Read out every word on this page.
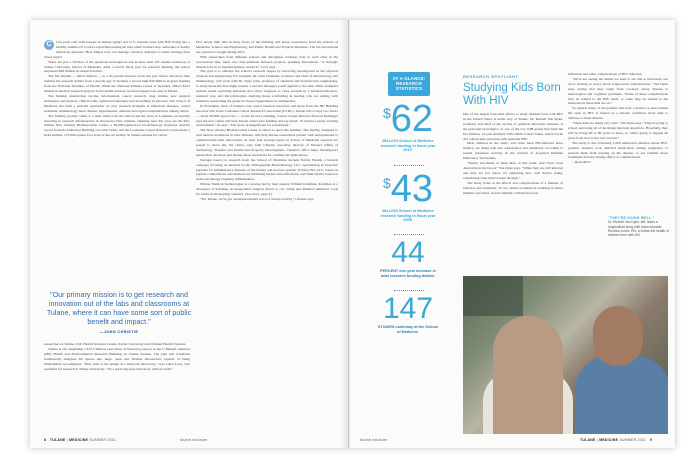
C	Can yeast cells hold lessons in human aging? Are U.S. veterans born with HIV living into a healthy adulthood? Could a rapid field-testing kit help relief workers stop outbreaks of deadly infectious diseases? How Makar Cars can manage convince diabetics to better manage their blood sugar?

These are just a fraction of the questions investigators ask in more than 147 studies underway at Tulane University School of Medicine. After a record fiscal year for research funding, the school surpassed $68 million in research dollars.

The fall amount — $62.5 million — is a 45 percent increase from the year before and more than doubles the research dollars from a decade ago. It includes a record high $40 million in grant funding from the National Institutes of Health. When the National Primate Center is included, almost $101 million in medical research projects in the health sciences received support last year at Tulane.

The funding underwrites vaccine development, cancer research, drug studies, new surgical techniques and devices, clinical trials, behavioral therapies and everything in between. The School of Medicine has built a national reputation on core research strengths in infectious diseases, cancer treatment, immunology, heart disease, hypertension, diabetes and organ transplantation, among others.

The funding growth comes at a time when both the school and the state of Louisiana are heavily investing in research infrastructure in downtown New Orleans. Opening later this year are the $45-million New Orleans BioInnovation Center, a 66,000-square-foot biotechnology incubator directly across from the Tidewater Building on Canal Street, and the Louisiana Cancer Research Consortium, a $144 million, 175,000-square-foot state-of-the-art facility on Tulane Avenue for cancer

"Our primary mission is to get research and innovation out of the labs and classrooms at Tulane, where it can have some sort of public benefit and impact."
—JOHN CHRISTIE

researchers at Tulane, LSU Health Sciences Center, Xavier University and Ochsner Health Systems.

Tulane is also beginning a $13.5 million renovation of laboratory spaces in the J. Bennett Johnston (JBJ) Health and Environmental Research Building on Tulane Avenue. The plan will transform traditionally designed lab spaces into large, open and flexible laboratories capable of being immediately reconfigured. "They refer to the design as a ballroom laboratory," says Laura Levy, vice president for research at Tulane University. "It's a great big open laboratory without walls."

Five newly built labs in three floors of the building will house researchers from the schools of Medicine, Science and Engineering, and Public Health and Tropical Medicine. The lab renovations are expected to begin during 2012.

With researchers from different schools and disciplines working close to each other in the reconceived labs, ideas can cross-pollinate between projects, sparking innovations. "A strategic direction for us is interdisciplinary research," Levy says.

The goal is to enhance the school's research output by involving investigators in the physical sciences and engineering. For example, Dr. John Clements, professor and chair of microbiology and immunology, will work with Dr. Vijay John, professor of chemical and biomolecular engineering, to study materials that might release a vaccine through a patch applied to the skin. Other examples include teams exploring materials that allow surgeons to close wounds in a bacterial-infection-resistant way, and microbiologists studying tissue scaffolding in healing who are pulling with scientists researching the genes for tissue regeneration in salamanders.

In November, most of Tulane's core cancer research resources will move from the JBJ Building into new labs in the Louisiana Cancer Research Consortium (LCRC). Tulane will occupy two floors — about 50,000 square feet — of the 10-story building, Cancer Center Director Prescott Deininger says the new center will help Tulane attract new funding and top talent. "It will be a pretty exciting environment," he says. "The space is magnificent for recruitment."

The New Orleans BioInnovation Center is slated to open this summer. The facility, designed to turn biotech inventions in New Orleans, will help Tulane researchers partner with entrepreneurs to commercialize their discoveries. At least four startups based on School of Medicine research are poised to move into the center, says John Christie, executive director of Tulane's Office of Technology Transfer and Intellectual Property Development. Christie's office helps investigators patent their advances and license those inventions for commercial applications.

Startups based on research from the School of Medicine include Nobile Health, a biotech company focusing on medical foods; Orthopeptide Biotechnology LLC, specializing in bioactive peptides for inflammatory diseases of the kidney and nervous system; TriVersa Bio LLC, based on peptide compositions and methods for inhibiting herpes virus infections; and Wiki-Works, based on stem-cell therapy targeting inflammation.

NOuter Medical Technologies is a startup led by med student William Kothman. Kothman is a developer of Safeship, an inexpensive surgical device to cut, clamp and disinfect umbilical cords for births in developing countries. (See story, page 2.)

"For Tulane, we've got an unprecedented wave of startup activity," Christie says.

8 TULANE | MEDICINE SUMMER 2011	tulane.edu/som
AT A GLANCE: RESEARCH STATISTICS
$62
MILLION School of Medicine research funding in fiscal year 2010.
$43
MILLION School of Medicine research funding in fiscal year 2009.
44
PERCENT one-year increase in total research funding dollars.
147
STUDIES underway at the School of Medicine.
RESEARCH SPOTLIGHT
Studying Kids Born With HIV

One of the largest long-term efforts to study children born with HIV in the United States is under way at Tulane. Dr. Russell Van Dyke, professor and chief of the section of pediatric infectious diseases, is the principal investigator of one of the two NIH grants that fund the $11 million, 14-year Pediatric HIV/AIDS Cohort Study, which tracks 451 adolescents and teens with perinatal HIV.

Most children in the study, who have been HIV-infected since infancy, are doing well into adolescence and adulthood, according to results presented recently in the Journal of Acquired Immune Deficiency Syndromes.

"Nearly two-thirds of these kids, at this point, don't have virus detectable in the blood," Van Dyke says. "While they are still infected and they are not cured, it's surprising how well they're doing, considering what they've been through."

The study looks at the effects and complications of a lifetime of infection and treatment. So far, earlier treatment is resulting in better immune outcomes, at least initially, with many fewer

infections and other complications of HIV infection.

"We're not seeing the deaths we used to see due to infections, but we're starting to worry about longer-term complications," Van Dyke says, noting that they range from coronary artery disease to neurological and cognitive problems. "Some of these complications may be related to the HIV itself, or some may be related to the medications these kids are on."

So experts many of the patients will have a normal or near-normal life span as HIV is treated as a chronic condition, more akin to diabetes or heart disease.

"These kids are doing very well," Van Dyke says. "They're going to school and doing all of the things that kids should do. Hopefully, they will be living 60 or 80 years or more, so what's going to happen 40 years from now is the real concern."

The study is also following 1,600 uninfected children whose HIV-positive mothers took antiviral medication during pregnancy to prevent them from passing on the disease, to see whether those treatments had any lasting effects or complications.

—Ryan Rivet

"THEY'RE DOING WELL."
Dr. Russell Van Dyke, left, leads a longitudinal study with team member, Rhodea Jones, RN, to follow the health of children born with HIV.
tulane.edu/som	TULANE | MEDICINE SUMMER 2011 9
